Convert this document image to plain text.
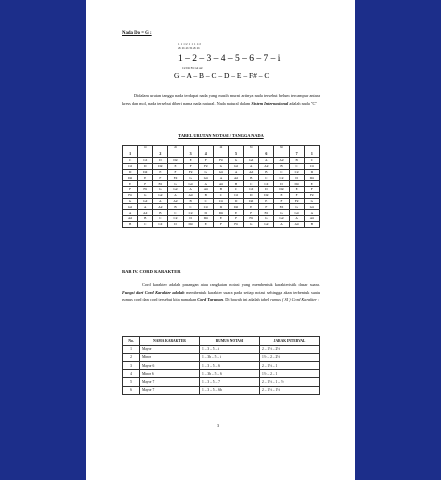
Nada Do = G :
1 1 1/2 1 1 1 1/2
2b 2b 4b 3b 2b 2b
1 – 2 – 3 – 4 – 5 – 6 – 7 – i
C# D# F# G# A#
G – A – B – C – D – E – F# – C
Didalam urutan tangga nada terdapat nada yang masih murni artinya nada tersebut belum tercampur antara kress dan mol, nada tersebut diberi nama nada natural. Nada natural dalam Sistem Internasional adalah nada "C"
TABEL URUTAN NOTASI / TANGGA NADA
	1#		2#			4#		5#		6#		
1		2		3	4		5		6		7	1
C	C#	D	D#	E	F	F#	G	G#	A	A#	B	C
C#	D	D#	E	F	F#	G	G#	A	A#	B	C	C#
D	D#	E	F	F#	G	G#	A	A#	B	C	C#	D
D#	E	F	F#	G	G#	A	A#	B	C	C#	D	D#
E	F	F#	G	G#	A	A#	B	C	C#	D	D#	E
F	F#	G	G#	A	A#	B	C	C#	D	D#	E	F
F#	G	G#	A	A#	B	C	C#	D	D#	E	F	F#
G	G#	A	A#	B	C	C#	D	D#	E	F	F#	G
G#	A	A#	B	C	C#	D	D#	E	F	F#	G	G#
A	A#	B	C	C#	D	D#	E	F	F#	G	G#	A
A#	B	C	C#	D	D#	E	F	F#	G	G#	A	A#
B	C	C#	D	D#	E	F	F#	G	G#	A	A#	B
BAB IV. CORD KARAKTER
Cord karakter adalah pasangan atau rangkaian notasi yang membentuk karakteristik dasar suara. Fungsi dari Cord Karakter adalah membentuk karakter suara pada setiap notasi sehingga akan terbentuk suatu rumus cord dan cord tersebut kita namakan Cord Turunan. Di bawah ini adalah tabel rumus ( SI ) Cord Karakter :
No.	NAMA KARAKTER	RUMUS NOTASI	JARAK INTERVAL
1	Mayor	1 – 3 – 5 – i	2 – 1½ – 2½
2	Minor	1 – 3b – 5 – i	1½ – 2 – 2½
3	Mayor 6	1 – 3 – 5 – 6	2 – 1½ – 1
4	Minor 6	1 – 3b – 5 – 6	1½ – 2 – 1
5	Mayor 7	1 – 3 – 5 – 7	2 – 1½ – 1 – ½
6	Mayor 7	1 – 3 – 5 – 6b	2 – 1½ – 1½
3
